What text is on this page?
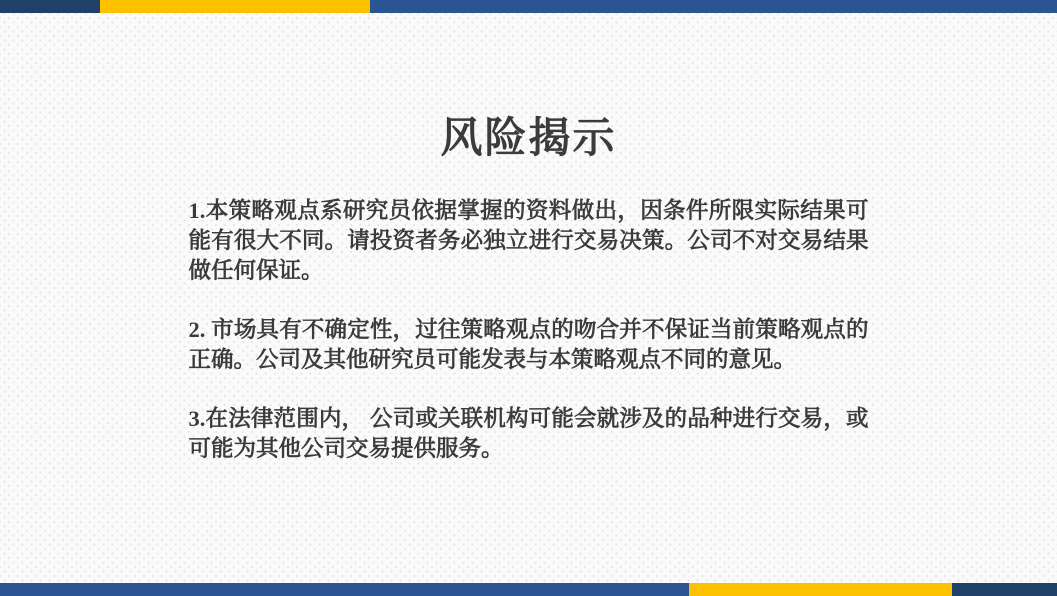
风险揭示

1.本策略观点系研究员依据掌握的资料做出，因条件所限实际结果可能有很大不同。请投资者务必独立进行交易决策。公司不对交易结果做任何保证。

2. 市场具有不确定性，过往策略观点的吻合并不保证当前策略观点的正确。公司及其他研究员可能发表与本策略观点不同的意见。

3.在法律范围内， 公司或关联机构可能会就涉及的品种进行交易，或可能为其他公司交易提供服务。
